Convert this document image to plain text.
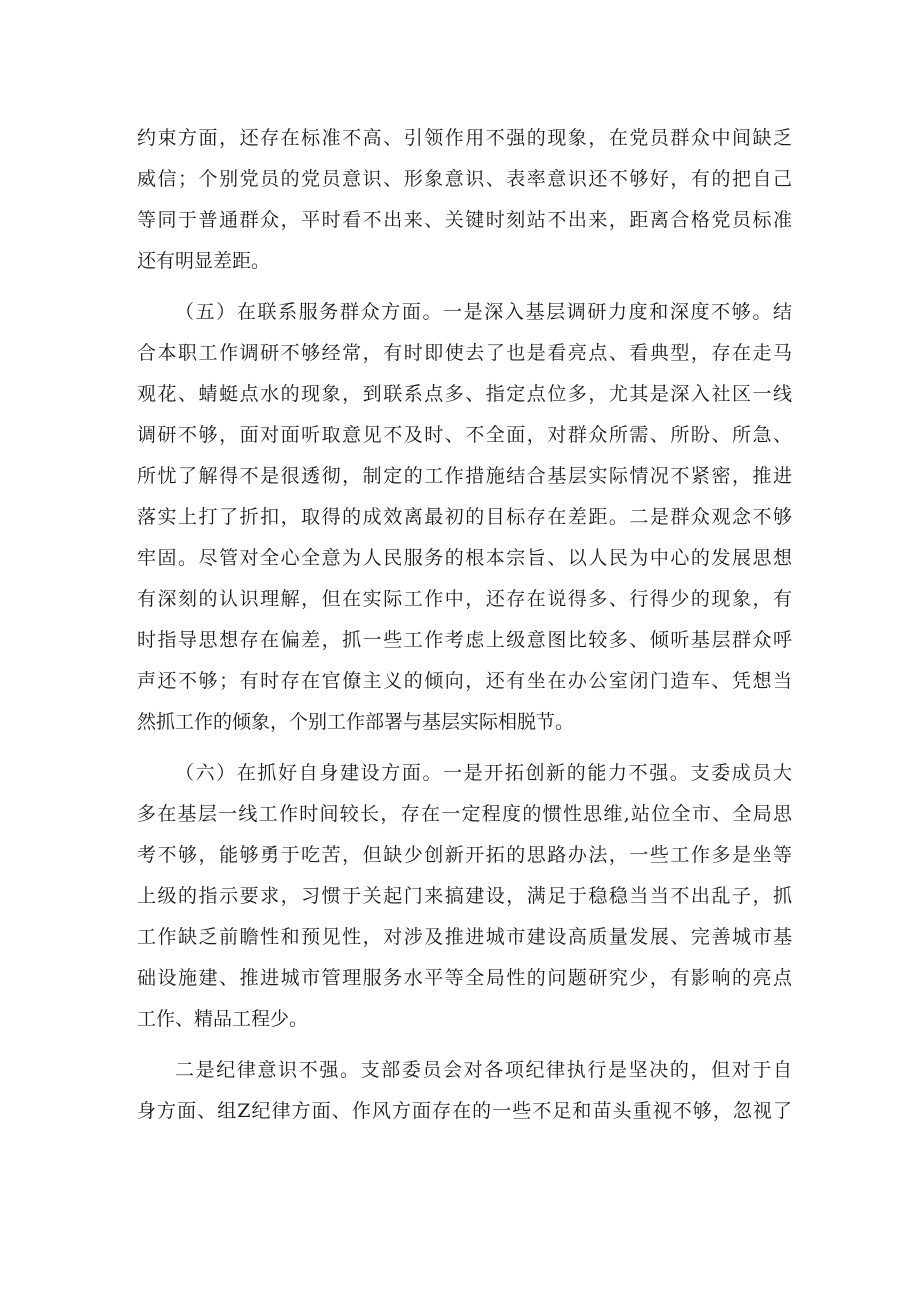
约束方面，还存在标准不高、引领作用不强的现象，在党员群众中间缺乏
威信；个别党员的党员意识、形象意识、表率意识还不够好，有的把自己
等同于普通群众，平时看不出来、关键时刻站不出来，距离合格党员标准
还有明显差距。
（五）在联系服务群众方面。一是深入基层调研力度和深度不够。结
合本职工作调研不够经常，有时即使去了也是看亮点、看典型，存在走马
观花、蜻蜓点水的现象，到联系点多、指定点位多，尤其是深入社区一线
调研不够，面对面听取意见不及时、不全面，对群众所需、所盼、所急、
所忧了解得不是很透彻，制定的工作措施结合基层实际情况不紧密，推进
落实上打了折扣，取得的成效离最初的目标存在差距。二是群众观念不够
牢固。尽管对全心全意为人民服务的根本宗旨、以人民为中心的发展思想
有深刻的认识理解，但在实际工作中，还存在说得多、行得少的现象，有
时指导思想存在偏差，抓一些工作考虑上级意图比较多、倾听基层群众呼
声还不够；有时存在官僚主义的倾向，还有坐在办公室闭门造车、凭想当
然抓工作的倾象，个别工作部署与基层实际相脱节。
（六）在抓好自身建设方面。一是开拓创新的能力不强。支委成员大
多在基层一线工作时间较长，存在一定程度的惯性思维,站位全市、全局思
考不够，能够勇于吃苦，但缺少创新开拓的思路办法，一些工作多是坐等
上级的指示要求，习惯于关起门来搞建设，满足于稳稳当当不出乱子，抓
工作缺乏前瞻性和预见性，对涉及推进城市建设高质量发展、完善城市基
础设施建、推进城市管理服务水平等全局性的问题研究少，有影响的亮点
工作、精品工程少。
二是纪律意识不强。支部委员会对各项纪律执行是坚决的，但对于自
身方面、组Z纪律方面、作风方面存在的一些不足和苗头重视不够，忽视了
